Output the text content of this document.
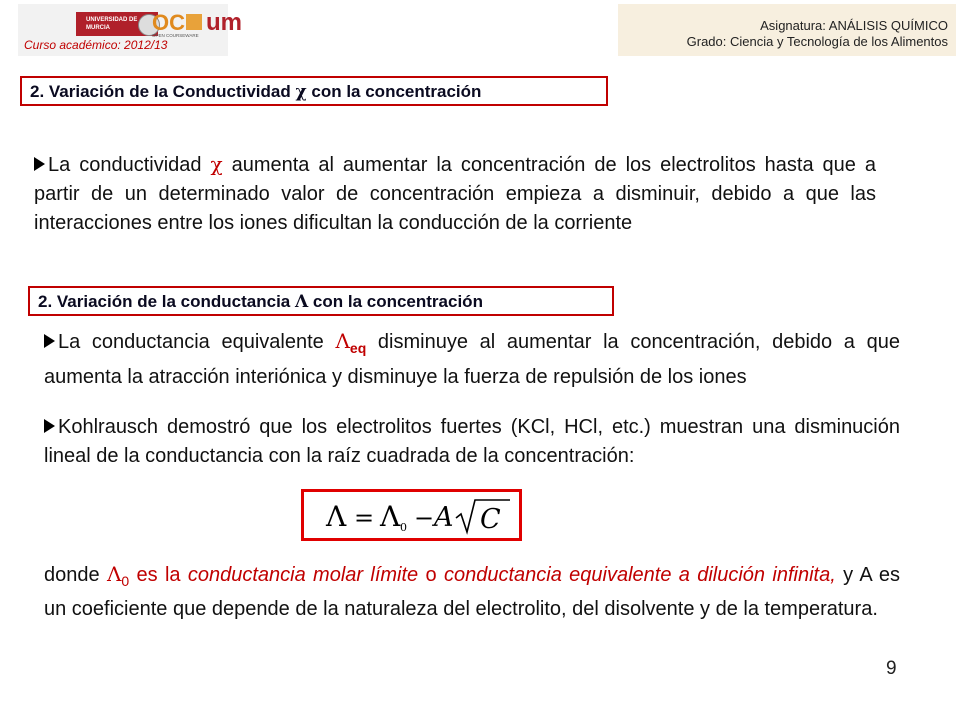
UNIVERSIDAD DE MURCIA	OC um
OPEN COURSEWARE
Curso académico: 2012/13
Asignatura: ANÁLISIS QUÍMICO
Grado: Ciencia y Tecnología de los Alimentos
2. Variación de la Conductividad χ con la concentración
La conductividad χ aumenta al aumentar la concentración de los electrolitos hasta que a partir de un determinado valor de concentración empieza a disminuir, debido a que las interacciones entre los iones dificultan la conducción de la corriente
2. Variación de la conductancia Λ con la concentración
La conductancia equivalente $\Lambda_{eq}$ disminuye al aumentar la concentración, debido a que aumenta la atracción interiónica y disminuye la fuerza de repulsión de los iones
Kohlrausch demostró que los electrolitos fuertes (KCl, HCl, etc.) muestran una disminución lineal de la conductancia con la raíz cuadrada de la concentración:
Λ = Λ 0 − A C
donde $\Lambda_0$ es la conductancia molar límite o conductancia equivalente a dilución infinita, y A es un coeficiente que depende de la naturaleza del electrolito, del disolvente y de la temperatura.
9
